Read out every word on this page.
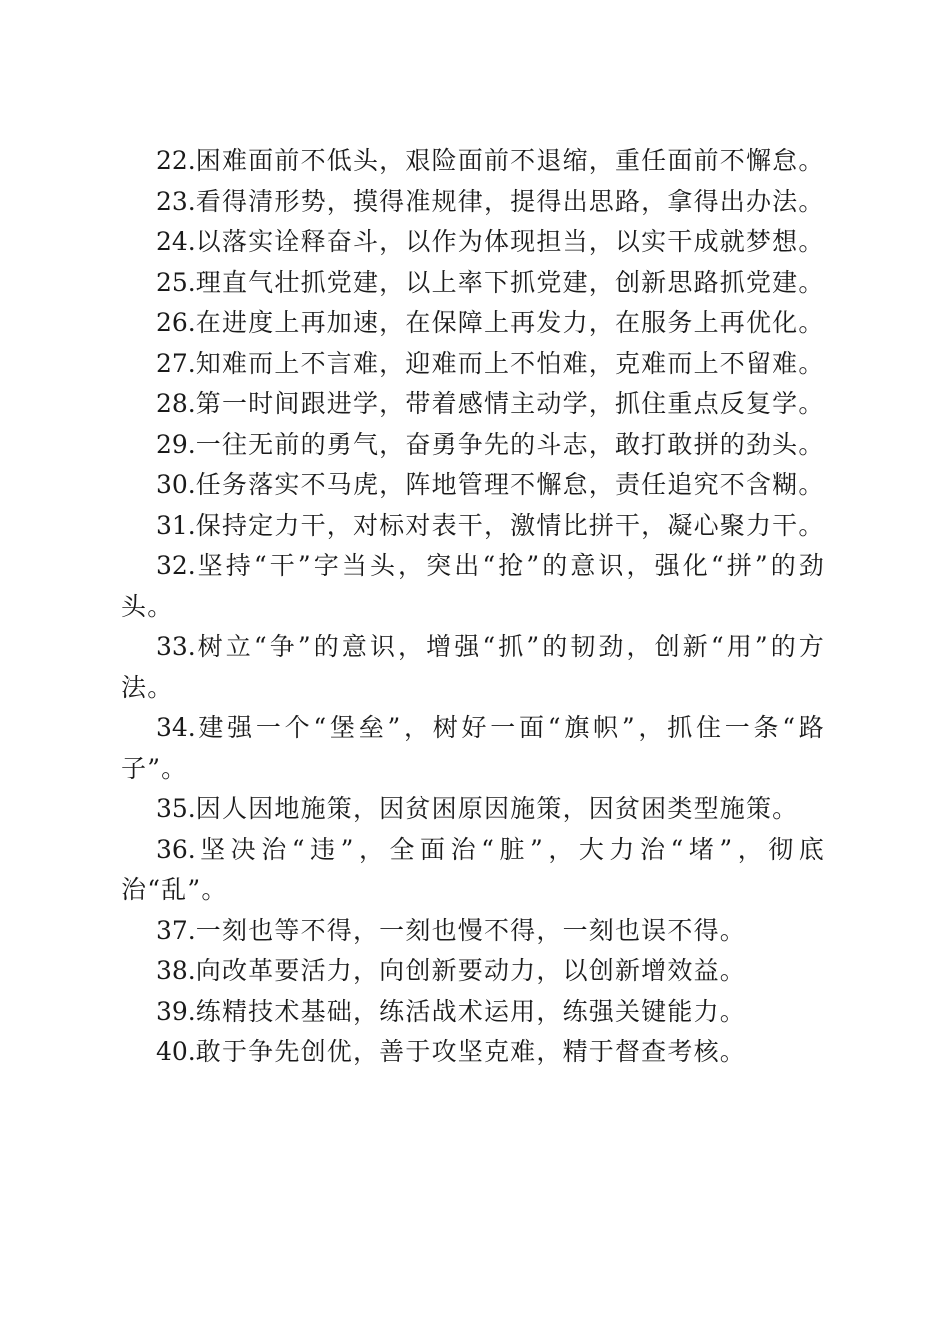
22.困难面前不低头，艰险面前不退缩，重任面前不懈怠。

23.看得清形势，摸得准规律，提得出思路，拿得出办法。

24.以落实诠释奋斗，以作为体现担当，以实干成就梦想。

25.理直气壮抓党建，以上率下抓党建，创新思路抓党建。

26.在进度上再加速，在保障上再发力，在服务上再优化。

27.知难而上不言难，迎难而上不怕难，克难而上不留难。

28.第一时间跟进学，带着感情主动学，抓住重点反复学。

29.一往无前的勇气，奋勇争先的斗志，敢打敢拼的劲头。

30.任务落实不马虎，阵地管理不懈怠，责任追究不含糊。

31.保持定力干，对标对表干，激情比拼干，凝心聚力干。

32.坚持“干”字当头，突出“抢”的意识，强化“拼”的劲头。

33.树立“争”的意识，增强“抓”的韧劲，创新“用”的方法。

34.建强一个“堡垒”，树好一面“旗帜”，抓住一条“路子”。

35.因人因地施策，因贫困原因施策，因贫困类型施策。

36.坚决治“违”，全面治“脏”，大力治“堵”，彻底治“乱”。

37.一刻也等不得，一刻也慢不得，一刻也误不得。

38.向改革要活力，向创新要动力，以创新增效益。

39.练精技术基础，练活战术运用，练强关键能力。

40.敢于争先创优，善于攻坚克难，精于督查考核。
